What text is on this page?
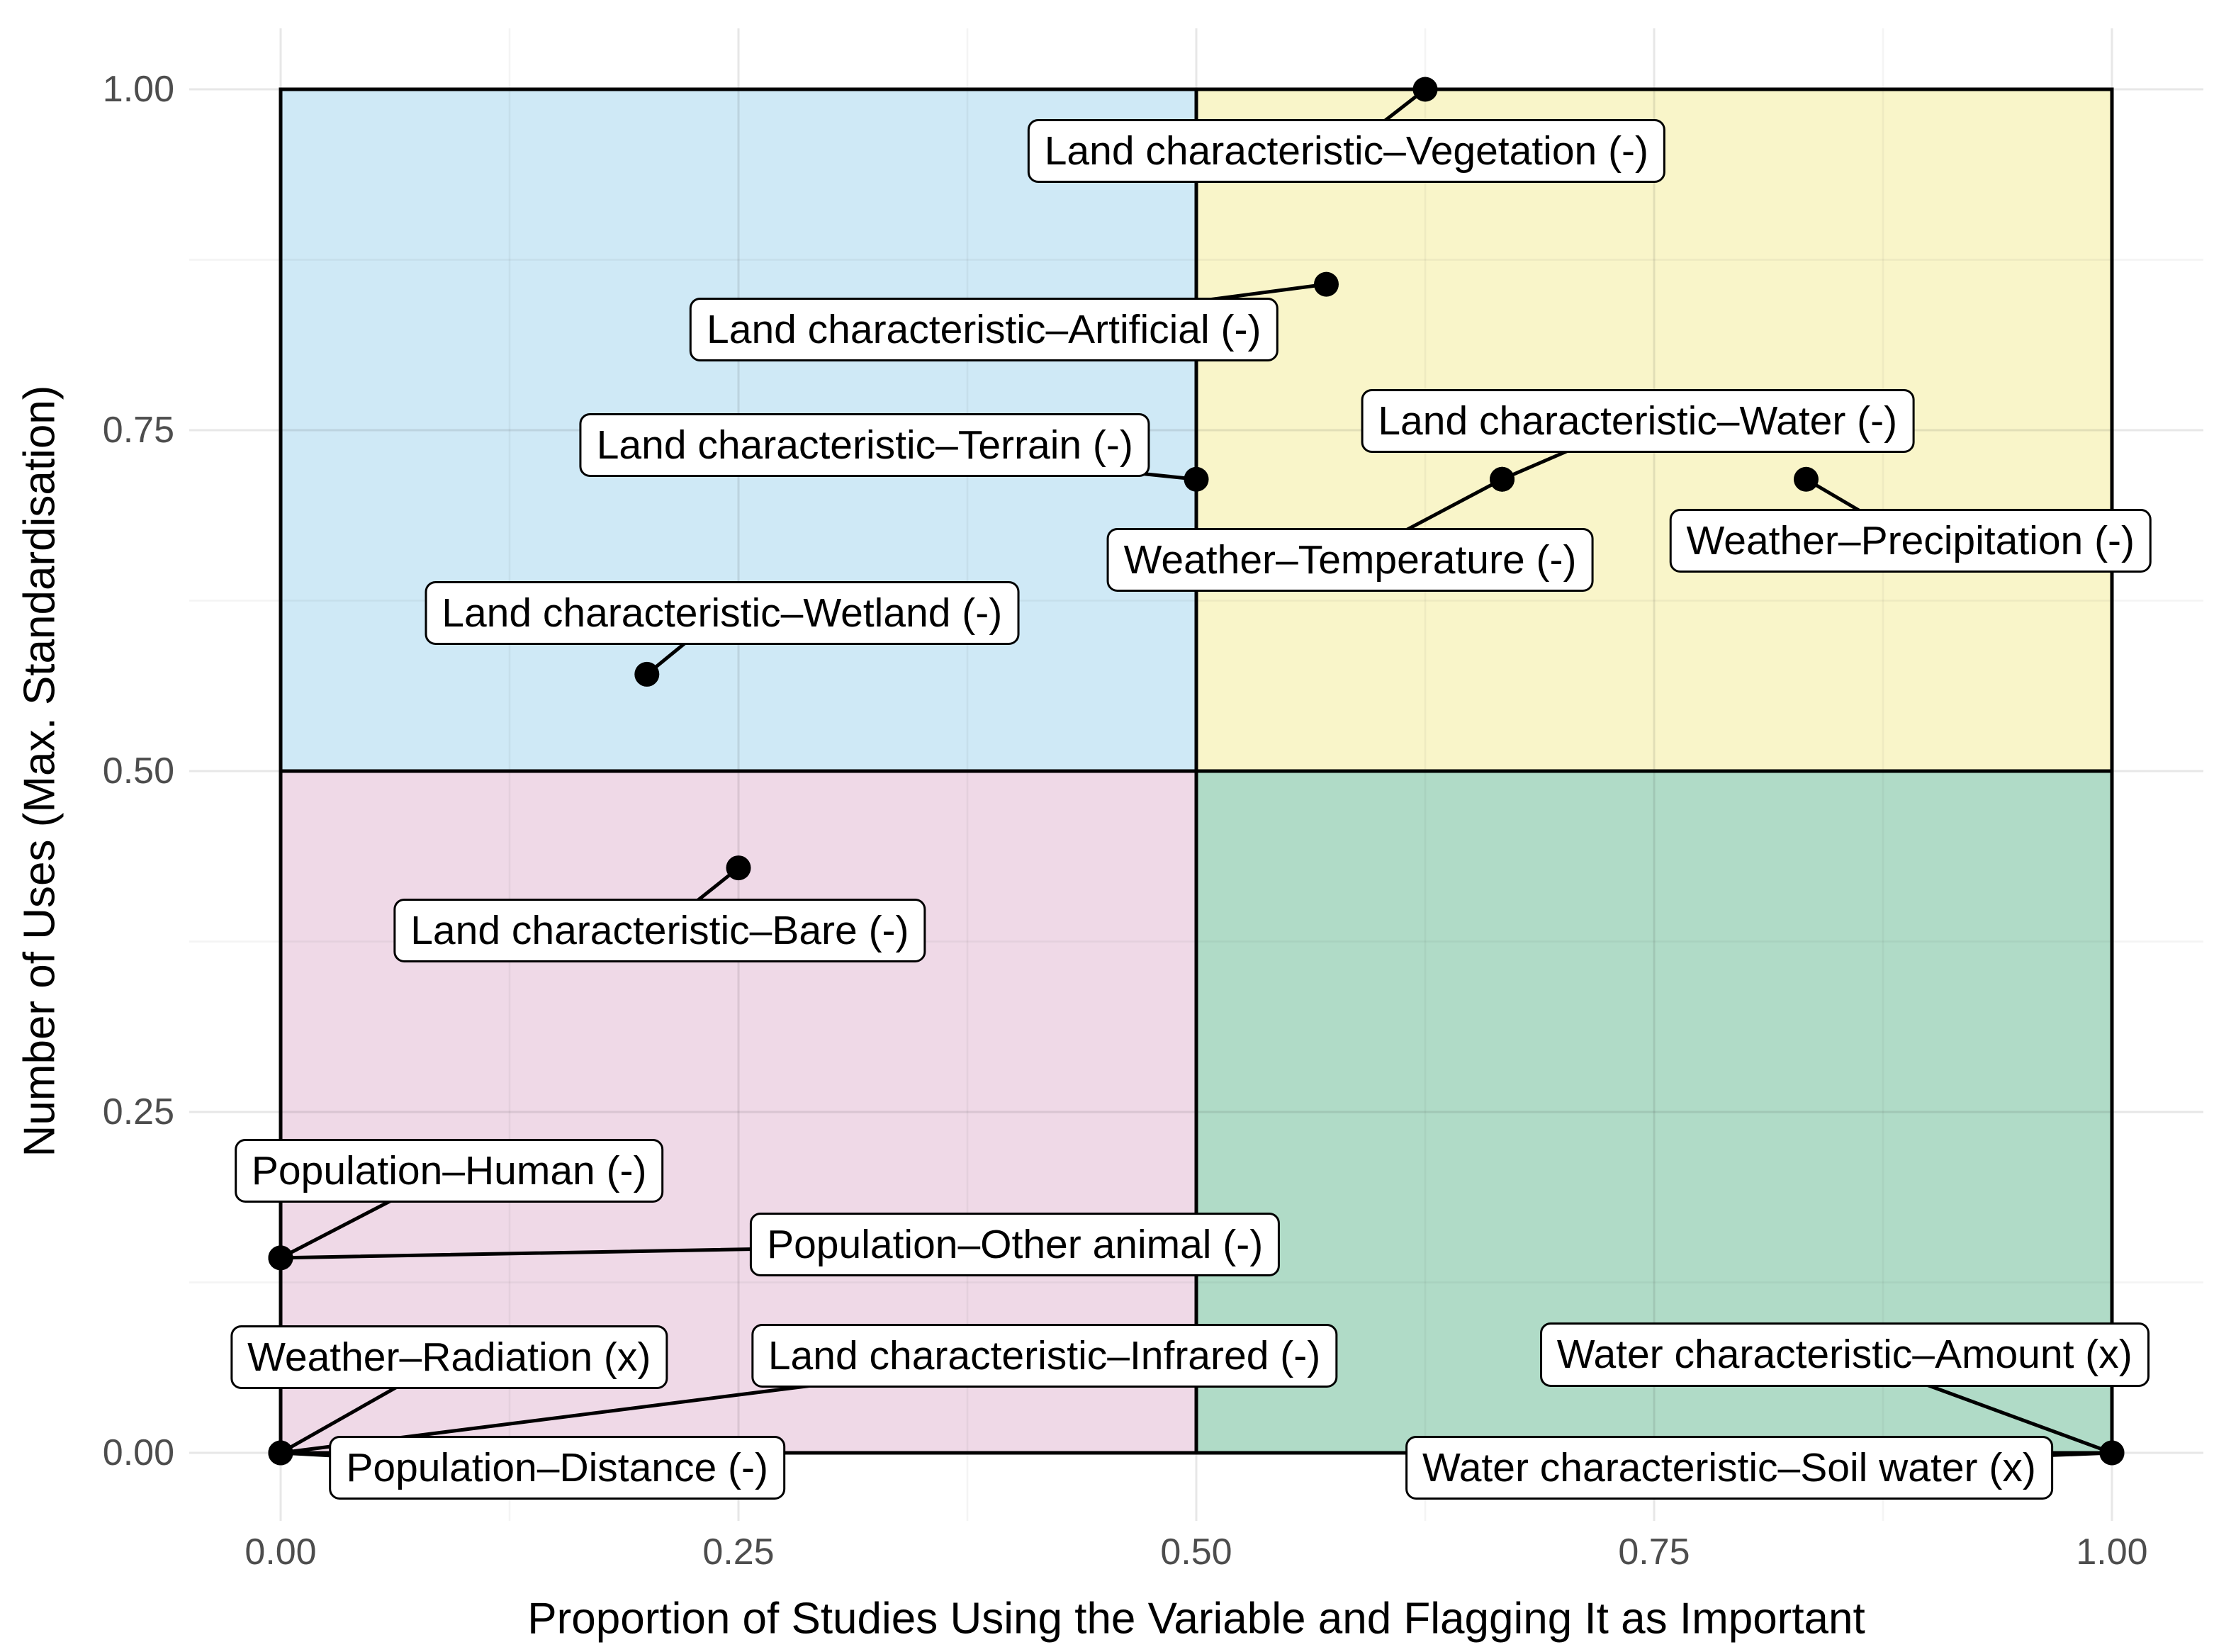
Land characteristic–Vegetation (-)
Land characteristic–Artificial (-)
Land characteristic–Terrain (-)
Land characteristic–Water (-)
Weather–Temperature (-)	Weather–Precipitation (-)
Land characteristic–Wetland (-)
Land characteristic–Bare (-)
Population–Human (-)
Population–Other animal (-)
Weather–Radiation (x)	Land characteristic–Infrared (-)
Population–Distance (-)
Water characteristic–Amount (x)
Water characteristic–Soil water (x)
0.00	0.25	0.50	0.75	1.00
0.00
0.25
0.50
0.75
1.00
Proportion of Studies Using the Variable and Flagging It as Important
Number of Uses (Max. Standardisation)
